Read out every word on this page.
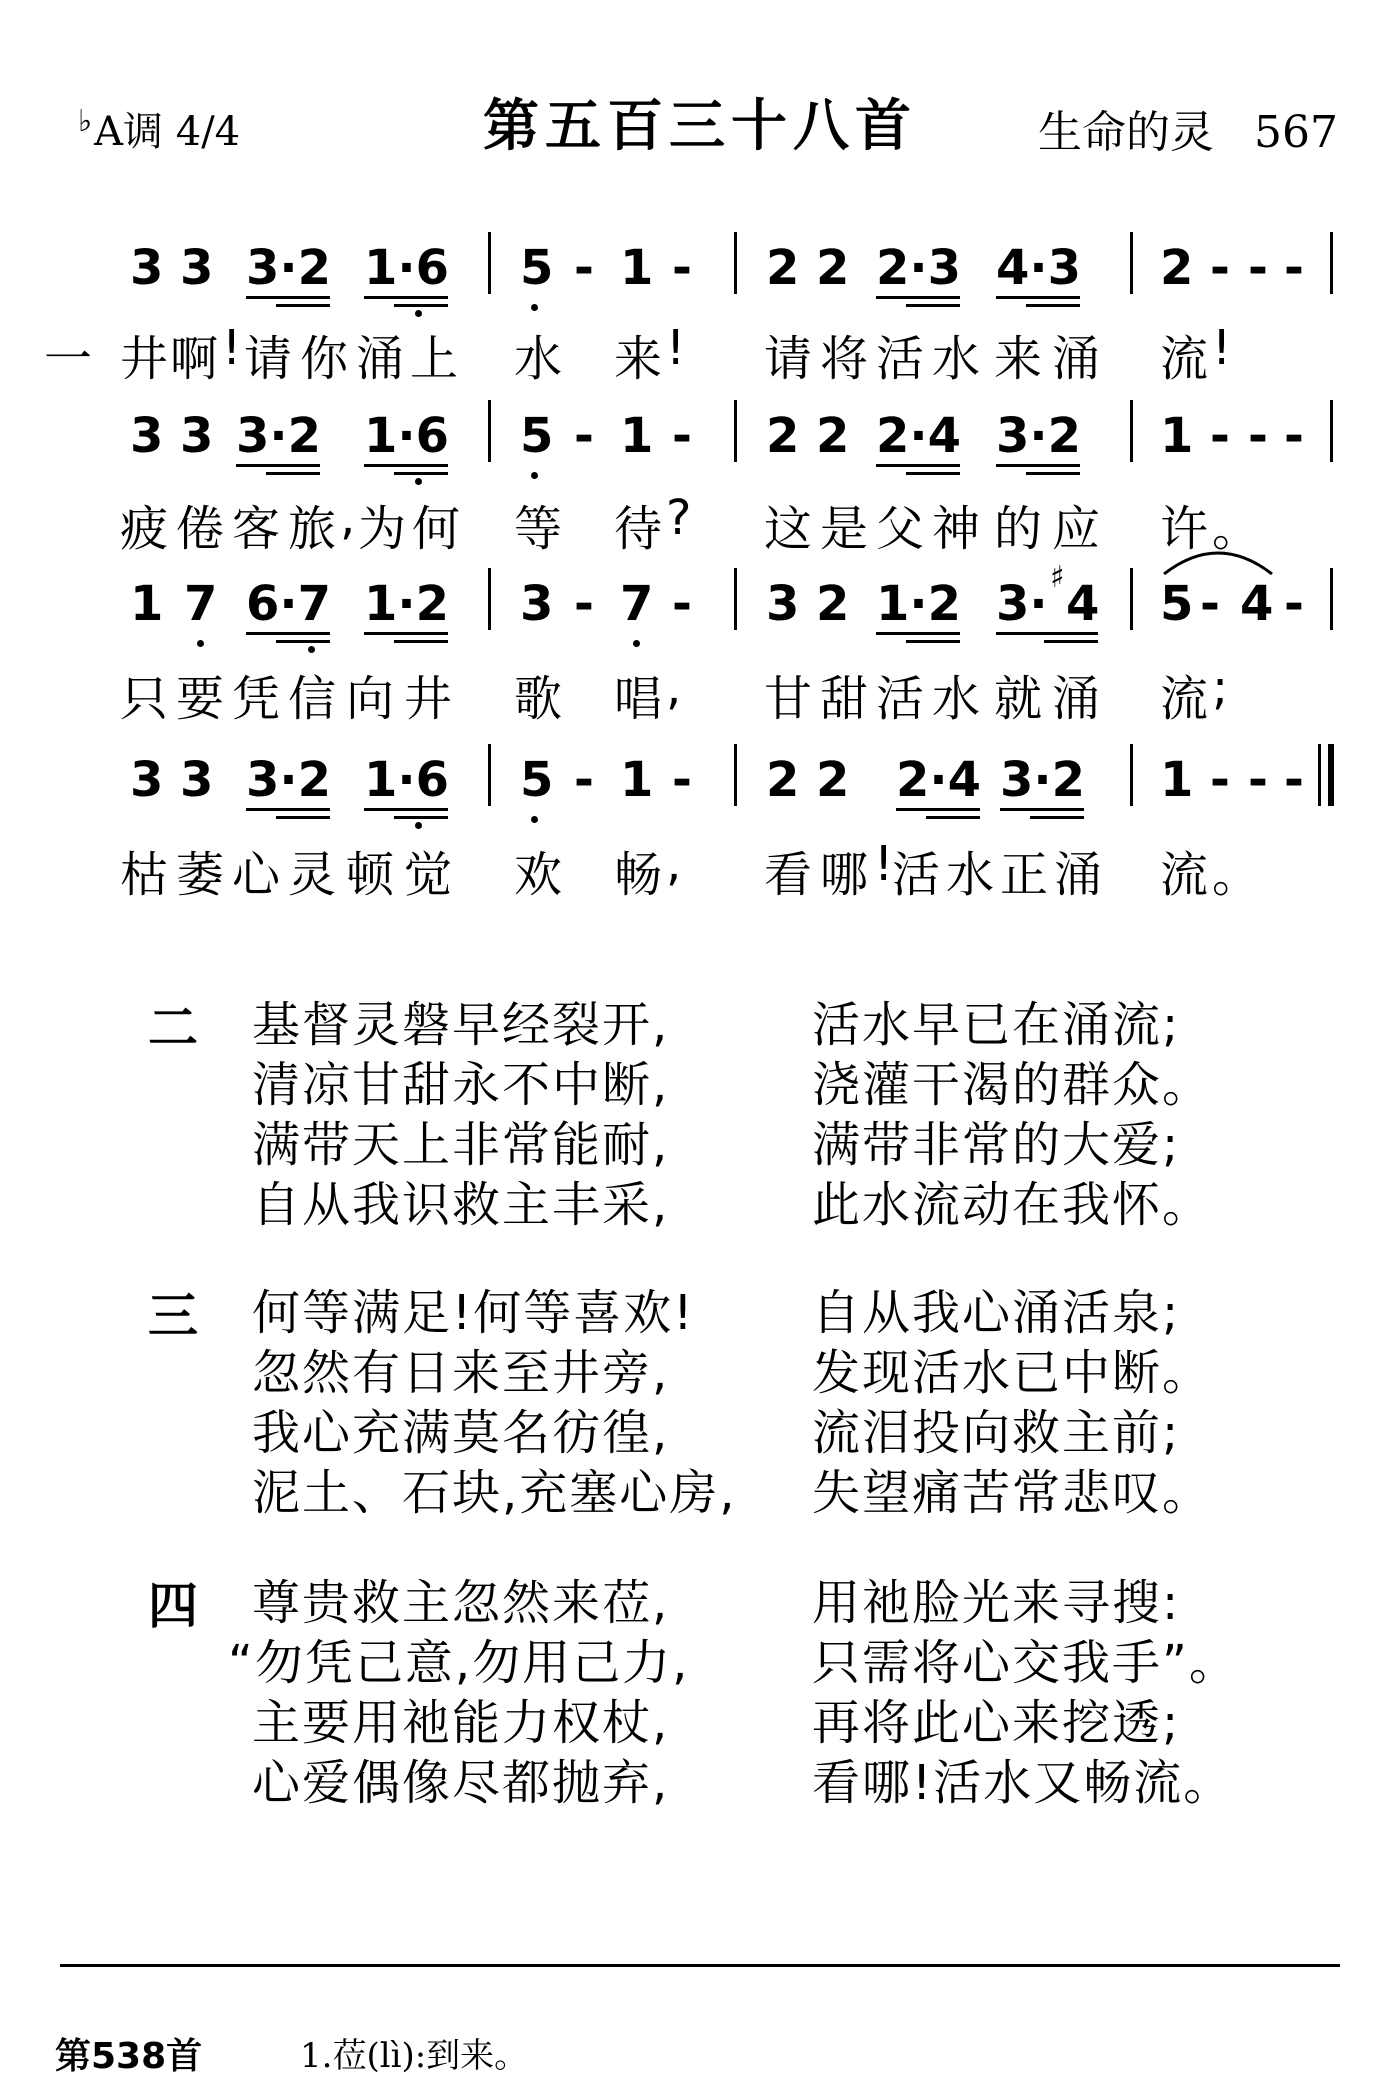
♭A调 4/4	第五百三十八首	生命的灵 567
3 3 3·2 1·6 5 - 1 - 2 2 2·3 4·3 2 - - -
一 井 啊 ! 请 你 涌 上 水 来 ! 请 将 活 水 来 涌 流 !
3 3 3·2 1·6 5 - 1 - 2 2 2·4 3·2 1 - - -
疲 倦 客 旅 , 为 何 等 待 ? 这 是 父 神 的 应 许 。
1 7 6·7 1·2 3 - 7 - 3 2 1·2 3· ♯ 4 5 - 4 -
只 要 凭 信 向 井 歌 唱 , 甘 甜 活 水 就 涌 流 ;
3 3 3·2 1·6 5 - 1 - 2 2 2·4 3·2 1 - - -
枯 萎 心 灵 顿 觉 欢 畅 , 看 哪 !
活 水 正 涌 流 。
二 基督灵磐早经裂开,	活水早已在涌流;
清凉甘甜永不中断,	浇灌干渴的群众。
满带天上非常能耐,	满带非常的大爱;
自从我识救主丰采,	此水流动在我怀。
三 何等满足!何等喜欢! 自从我心涌活泉;
忽然有日来至井旁,	发现活水已中断。
我心充满莫名彷徨,	流泪投向救主前;
泥土、石块,充塞心房, 失望痛苦常悲叹。
四 尊贵救主忽然来莅,	用祂脸光来寻搜:
“勿凭己意,勿用己力,	只需将心交我手”。
主要用祂能力权杖,	再将此心来挖透;
心爱偶像尽都抛弃,	看哪!活水又畅流。
第538首	1.莅(lì):到来。
